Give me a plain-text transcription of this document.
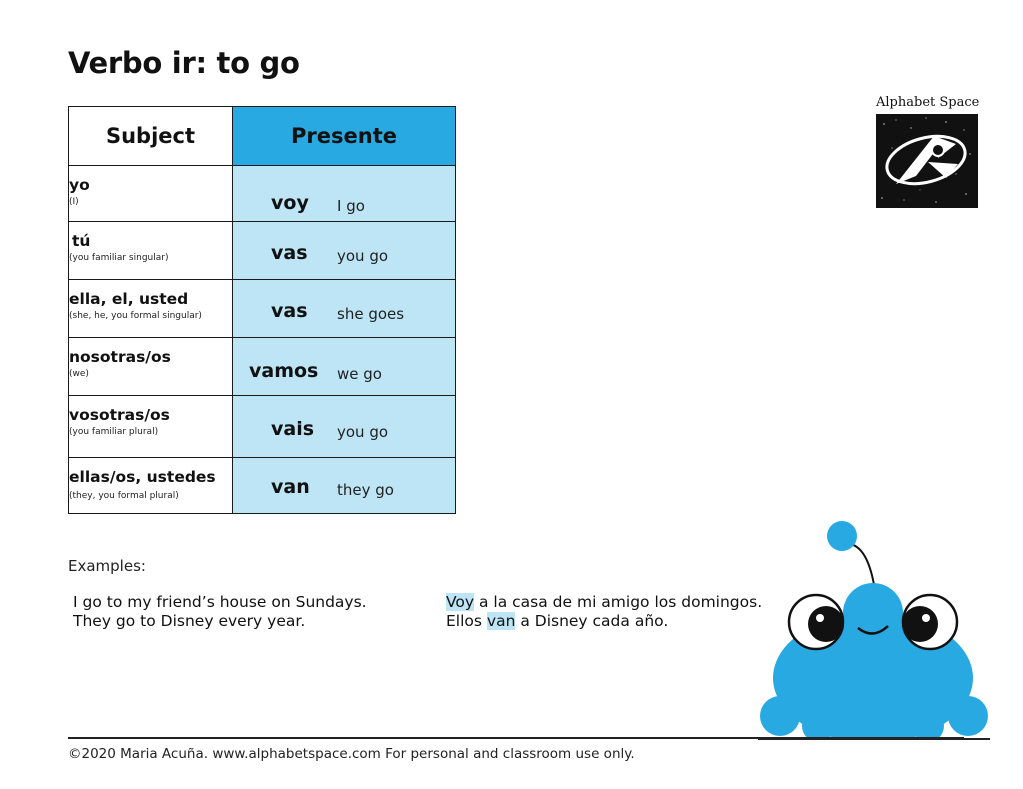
Verbo ir: to go
Subject	Presente

yo
(I)	voy I go

tú
(you familiar singular)	vas you go

ella, el, usted
(she, he, you formal singular)	vas she goes

nosotras/os
(we)	vamos we go

vosotras/os
(you familiar plural)	vais you go

ellas/os, ustedes
(they, you formal plural)	van they go
Alphabet Space
Examples:
I go to my friend’s house on Sundays.
They go to Disney every year.
Voy a la casa de mi amigo los domingos.
Ellos van a Disney cada año.
©2020 Maria Acuña. www.alphabetspace.com For personal and classroom use only.
